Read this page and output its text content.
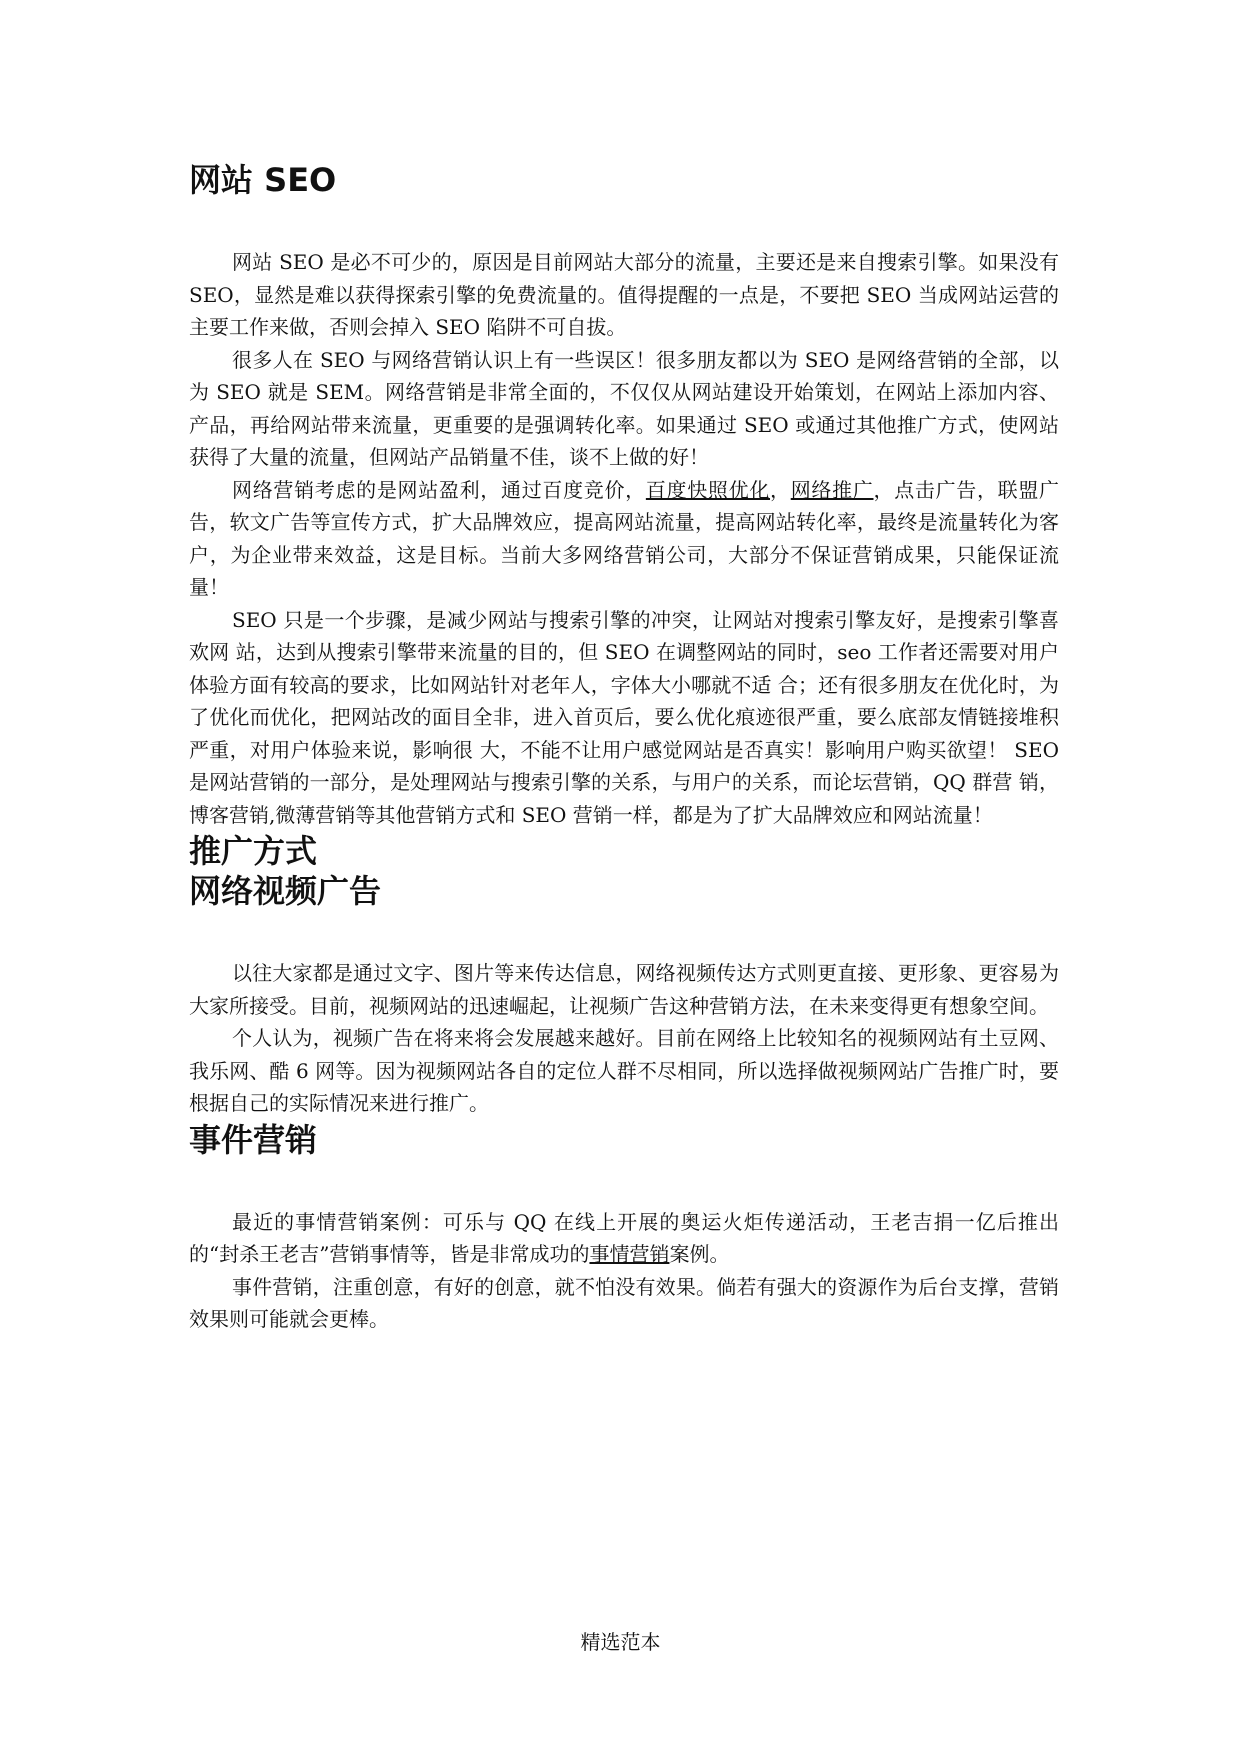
网站 SEO

网站 SEO 是必不可少的，原因是目前网站大部分的流量，主要还是来自搜索引擎。如果没有 SEO，显然是难以获得探索引擎的免费流量的。值得提醒的一点是，不要把 SEO 当成网站运营的主要工作来做，否则会掉入 SEO 陷阱不可自拔。

很多人在 SEO 与网络营销认识上有一些误区！很多朋友都以为 SEO 是网络营销的全部，以为 SEO 就是 SEM。网络营销是非常全面的，不仅仅从网站建设开始策划，在网站上添加内容、产品，再给网站带来流量，更重要的是强调转化率。如果通过 SEO 或通过其他推广方式，使网站获得了大量的流量，但网站产品销量不佳，谈不上做的好！

网络营销考虑的是网站盈利，通过百度竞价，百度快照优化，网络推广，点击广告，联盟广告，软文广告等宣传方式，扩大品牌效应，提高网站流量，提高网站转化率，最终是流量转化为客户，为企业带来效益，这是目标。当前大多网络营销公司，大部分不保证营销成果，只能保证流量！

SEO 只是一个步骤，是减少网站与搜索引擎的冲突，让网站对搜索引擎友好，是搜索引擎喜欢网 站，达到从搜索引擎带来流量的目的，但 SEO 在调整网站的同时，seo 工作者还需要对用户体验方面有较高的要求，比如网站针对老年人，字体大小哪就不适 合；还有很多朋友在优化时，为了优化而优化，把网站改的面目全非，进入首页后，要么优化痕迹很严重，要么底部友情链接堆积严重，对用户体验来说，影响很 大，不能不让用户感觉网站是否真实！影响用户购买欲望！ SEO 是网站营销的一部分，是处理网站与搜索引擎的关系，与用户的关系，而论坛营销，QQ 群营 销，博客营销,微薄营销等其他营销方式和 SEO 营销一样，都是为了扩大品牌效应和网站流量！

推广方式
网络视频广告

以往大家都是通过文字、图片等来传达信息，网络视频传达方式则更直接、更形象、更容易为大家所接受。目前，视频网站的迅速崛起，让视频广告这种营销方法，在未来变得更有想象空间。

个人认为，视频广告在将来将会发展越来越好。目前在网络上比较知名的视频网站有土豆网、我乐网、酷 6 网等。因为视频网站各自的定位人群不尽相同，所以选择做视频网站广告推广时，要根据自己的实际情况来进行推广。

事件营销

最近的事情营销案例：可乐与 QQ 在线上开展的奥运火炬传递活动，王老吉捐一亿后推出的“封杀王老吉”营销事情等，皆是非常成功的事情营销案例。

事件营销，注重创意，有好的创意，就不怕没有效果。倘若有强大的资源作为后台支撑，营销效果则可能就会更棒。

精选范本
